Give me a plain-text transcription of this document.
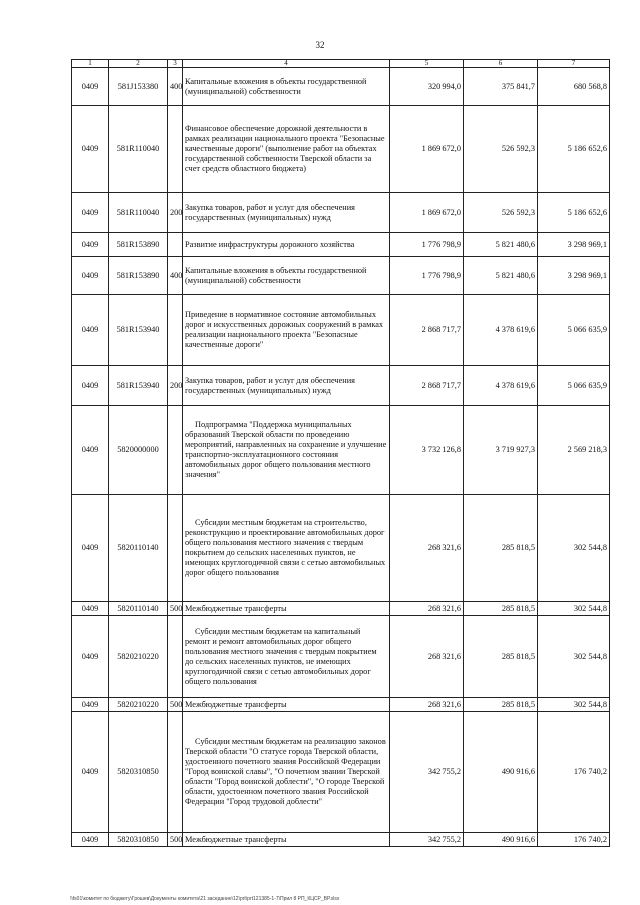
32
1	2	3	4	5	6	7
0409	581J153380	400	Капитальные вложения в объекты государственной (муниципальной) собственности	320 994,0	375 841,7	680 568,8
0409	581R110040		Финансовое обеспечение дорожной деятельности в рамках реализации национального проекта "Безопасные качественные дороги" (выполнение работ на объектах государственной собственности Тверской области за счет средств областного бюджета)	1 869 672,0	526 592,3	5 186 652,6
0409	581R110040	200	Закупка товаров, работ и услуг для обеспечения государственных (муниципальных) нужд	1 869 672,0	526 592,3	5 186 652,6
0409	581R153890		Развитие инфраструктуры дорожного хозяйства	1 776 798,9	5 821 480,6	3 298 969,1
0409	581R153890	400	Капитальные вложения в объекты государственной (муниципальной) собственности	1 776 798,9	5 821 480,6	3 298 969,1
0409	581R153940		Приведение в нормативное состояние автомобильных дорог и искусственных дорожных сооружений в рамках реализации национального проекта "Безопасные качественные дороги"	2 868 717,7	4 378 619,6	5 066 635,9
0409	581R153940	200	Закупка товаров, работ и услуг для обеспечения государственных (муниципальных) нужд	2 868 717,7	4 378 619,6	5 066 635,9
0409	5820000000		Подпрограмма "Поддержка муниципальных образований Тверской области по проведению мероприятий, направленных на сохранение и улучшение транспортно-эксплуатационного состояния автомобильных дорог общего пользования местного значения"	3 732 126,8	3 719 927,3	2 569 218,3
0409	5820110140		Субсидии местным бюджетам на строительство, реконструкцию и проектирование автомобильных дорог общего пользования местного значения с твердым покрытием до сельских населенных пунктов, не имеющих круглогодичной связи с сетью автомобильных дорог общего пользования	268 321,6	285 818,5	302 544,8
0409	5820110140	500	Межбюджетные трансферты	268 321,6	285 818,5	302 544,8
0409	5820210220		Субсидии местным бюджетам на капитальный ремонт и ремонт автомобильных дорог общего пользования местного значения с твердым покрытием до сельских населенных пунктов, не имеющих круглогодичной связи с сетью автомобильных дорог общего пользования	268 321,6	285 818,5	302 544,8
0409	5820210220	500	Межбюджетные трансферты	268 321,6	285 818,5	302 544,8
0409	5820310850		Субсидии местным бюджетам на реализацию законов Тверской области "О статусе города Тверской области, удостоенного почетного звания Российской Федерации "Город воинской славы", "О почетном звании Тверской области "Город воинской доблести", "О городе Тверской области, удостоенном почетного звания Российской Федерации "Город трудовой доблести"	342 755,2	490 916,6	176 740,2
0409	5820310850	500	Межбюджетные трансферты	342 755,2	490 916,6	176 740,2
\\fs01\комитет по бюджету\Грошев\Документы комитета\21 заседание\12\prt\prt121385-1-7\Прил 8 РП_КЦСР_ВР.xlsx
